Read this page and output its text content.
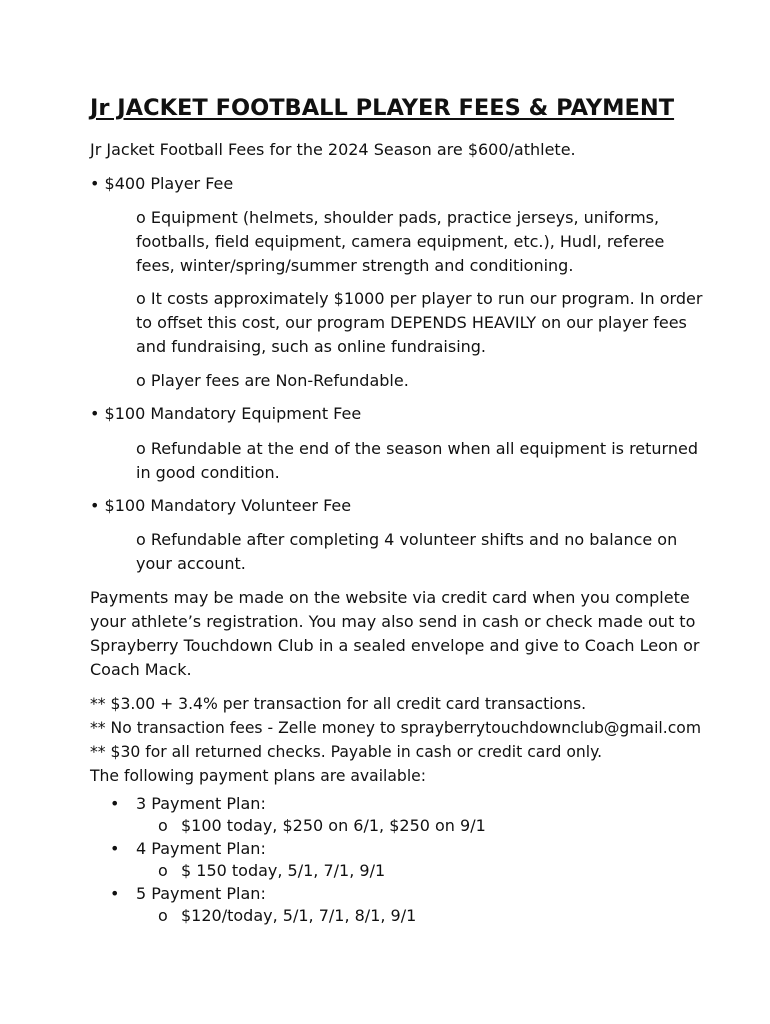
Jr JACKET FOOTBALL PLAYER FEES & PAYMENT

Jr Jacket Football Fees for the 2024 Season are $600/athlete.

• $400 Player Fee

o Equipment (helmets, shoulder pads, practice jerseys, uniforms, footballs, field equipment, camera equipment, etc.), Hudl, referee fees, winter/spring/summer strength and conditioning.

o It costs approximately $1000 per player to run our program. In order to offset this cost, our program DEPENDS HEAVILY on our player fees and fundraising, such as online fundraising.

o Player fees are Non-Refundable.

• $100 Mandatory Equipment Fee

o Refundable at the end of the season when all equipment is returned in good condition.

• $100 Mandatory Volunteer Fee

o Refundable after completing 4 volunteer shifts and no balance on your account.

Payments may be made on the website via credit card when you complete your athlete’s registration. You may also send in cash or check made out to Sprayberry Touchdown Club in a sealed envelope and give to Coach Leon or Coach Mack.

** $3.00 + 3.4% per transaction for all credit card transactions.
** No transaction fees - Zelle money to sprayberrytouchdownclub@gmail.com
** $30 for all returned checks. Payable in cash or credit card only.
The following payment plans are available:
•	3 Payment Plan:
o $100 today, $250 on 6/1, $250 on 9/1
•	4 Payment Plan:
o $ 150 today, 5/1, 7/1, 9/1
•	5 Payment Plan:
o $120/today, 5/1, 7/1, 8/1, 9/1
